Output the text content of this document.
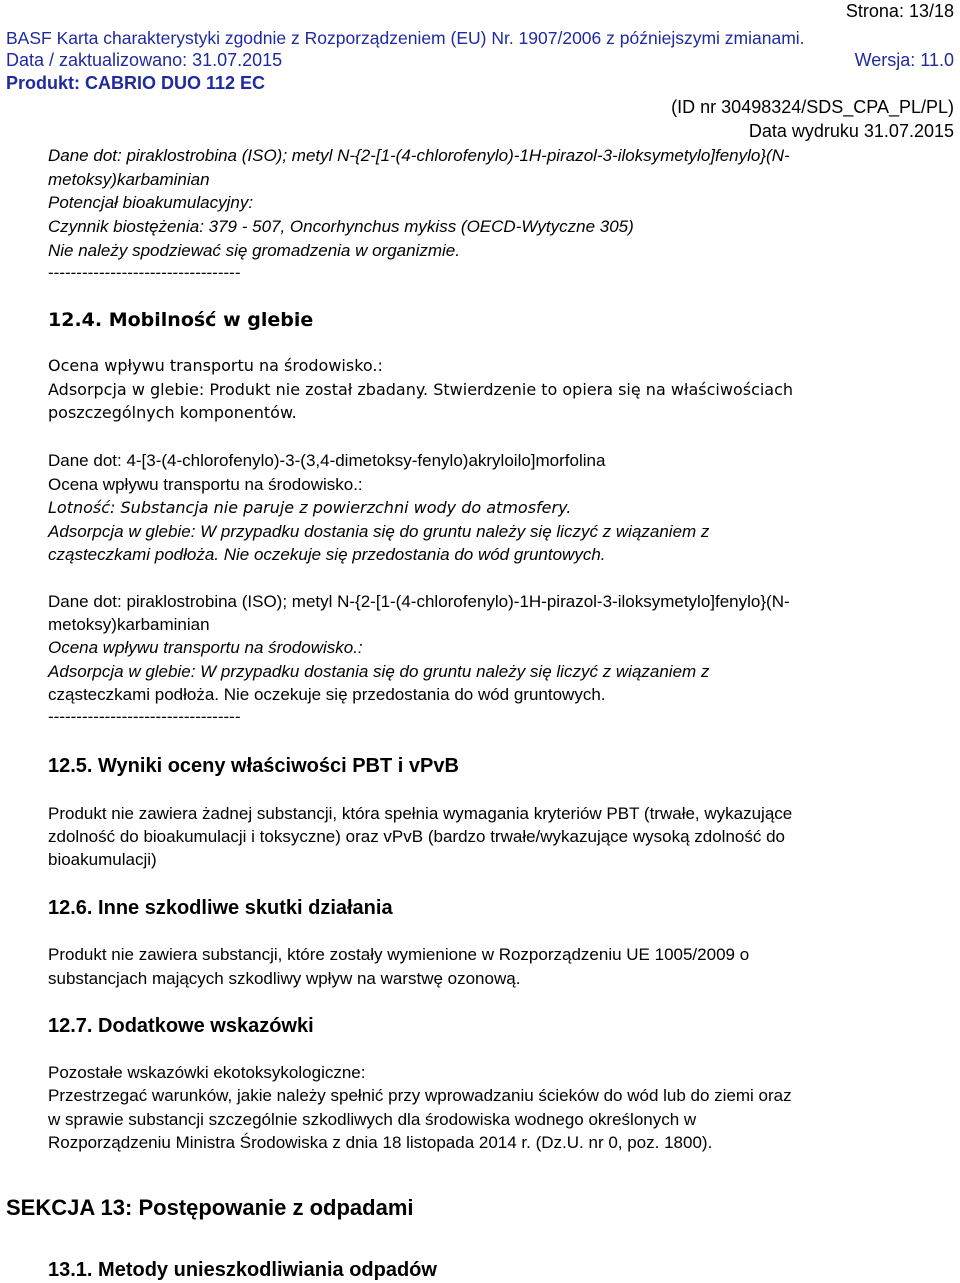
Strona: 13/18
BASF Karta charakterystyki zgodnie z Rozporządzeniem (EU) Nr. 1907/2006 z późniejszymi zmianami.
Data / zaktualizowano: 31.07.2015	Wersja: 11.0
Produkt: CABRIO DUO 112 EC
(ID nr 30498324/SDS_CPA_PL/PL)
Data wydruku 31.07.2015
Dane dot: piraklostrobina (ISO); metyl N-{2-[1-(4-chlorofenylo)-1H-pirazol-3-iloksymetylo]fenylo}(N-
metoksy)karbaminian
Potencjał bioakumulacyjny:
Czynnik biostężenia: 379 - 507, Oncorhynchus mykiss (OECD-Wytyczne 305)
Nie należy spodziewać się gromadzenia w organizmie.
----------------------------------
12.4. Mobilność w glebie
Ocena wpływu transportu na środowisko.:
Adsorpcja w glebie: Produkt nie został zbadany. Stwierdzenie to opiera się na właściwościach
poszczególnych komponentów.
Dane dot: 4-[3-(4-chlorofenylo)-3-(3,4-dimetoksy-fenylo)akryloilo]morfolina
Ocena wpływu transportu na środowisko.:
Lotność: Substancja nie paruje z powierzchni wody do atmosfery.
Adsorpcja w glebie: W przypadku dostania się do gruntu należy się liczyć z wiązaniem z
cząsteczkami podłoża. Nie oczekuje się przedostania do wód gruntowych.
Dane dot: piraklostrobina (ISO); metyl N-{2-[1-(4-chlorofenylo)-1H-pirazol-3-iloksymetylo]fenylo}(N-
metoksy)karbaminian
Ocena wpływu transportu na środowisko.:
Adsorpcja w glebie: W przypadku dostania się do gruntu należy się liczyć z wiązaniem z
cząsteczkami podłoża. Nie oczekuje się przedostania do wód gruntowych.
----------------------------------
12.5. Wyniki oceny właściwości PBT i vPvB
Produkt nie zawiera żadnej substancji, która spełnia wymagania kryteriów PBT (trwałe, wykazujące
zdolność do bioakumulacji i toksyczne) oraz vPvB (bardzo trwałe/wykazujące wysoką zdolność do
bioakumulacji)
12.6. Inne szkodliwe skutki działania
Produkt nie zawiera substancji, które zostały wymienione w Rozporządzeniu UE 1005/2009 o
substancjach mających szkodliwy wpływ na warstwę ozonową.
12.7. Dodatkowe wskazówki
Pozostałe wskazówki ekotoksykologiczne:
Przestrzegać warunków, jakie należy spełnić przy wprowadzaniu ścieków do wód lub do ziemi oraz
w sprawie substancji szczególnie szkodliwych dla środowiska wodnego określonych w
Rozporządzeniu Ministra Środowiska z dnia 18 listopada 2014 r. (Dz.U. nr 0, poz. 1800).
SEKCJA 13: Postępowanie z odpadami
13.1. Metody unieszkodliwiania odpadów
